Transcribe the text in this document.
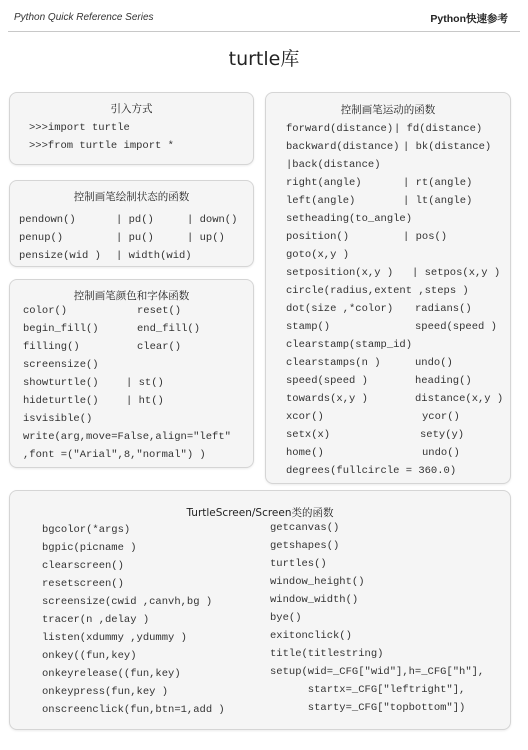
Python Quick Reference Series	Python快速参考
turtle库
引入方式
>>>import turtle
>>>from turtle import *
控制画笔绘制状态的函数
pendown()	| pd()	| down()
penup()	| pu()	| up()
pensize(wid ) | width(wid)
控制画笔颜色和字体函数
color()	reset()
begin_fill()	end_fill()
filling()	clear()
screensize()
showturtle()	| st()
hideturtle()	| ht()
isvisible()
write(arg,move=False,align="left"
,font =("Arial",8,"normal") )
控制画笔运动的函数
forward(distance) | fd(distance)
backward(distance) | bk(distance)
|back(distance)
right(angle)	| rt(angle)
left(angle)	| lt(angle)
setheading(to_angle)
position()	| pos()
goto(x,y )
setposition(x,y ) | setpos(x,y )
circle(radius,extent ,steps )
dot(size ,*color) radians()
stamp()	speed(speed )
clearstamp(stamp_id)
clearstamps(n )	undo()
speed(speed )	heading()
towards(x,y )	distance(x,y )
xcor()	ycor()
setx(x)	sety(y)
home()	undo()
degrees(fullcircle = 360.0)
TurtleScreen/Screen类的函数
bgcolor(*args)
bgpic(picname )
clearscreen()
resetscreen()
screensize(cwid ,canvh,bg )
tracer(n ,delay )
listen(xdummy ,ydummy )
onkey((fun,key)
onkeyrelease((fun,key)
onkeypress(fun,key )
onscreenclick(fun,btn=1,add )
getcanvas()
getshapes()
turtles()
window_height()
window_width()
bye()
exitonclick()
title(titlestring)
setup(wid=_CFG["wid"],h=_CFG["h"],
startx=_CFG["leftright"],
starty=_CFG["topbottom"])
